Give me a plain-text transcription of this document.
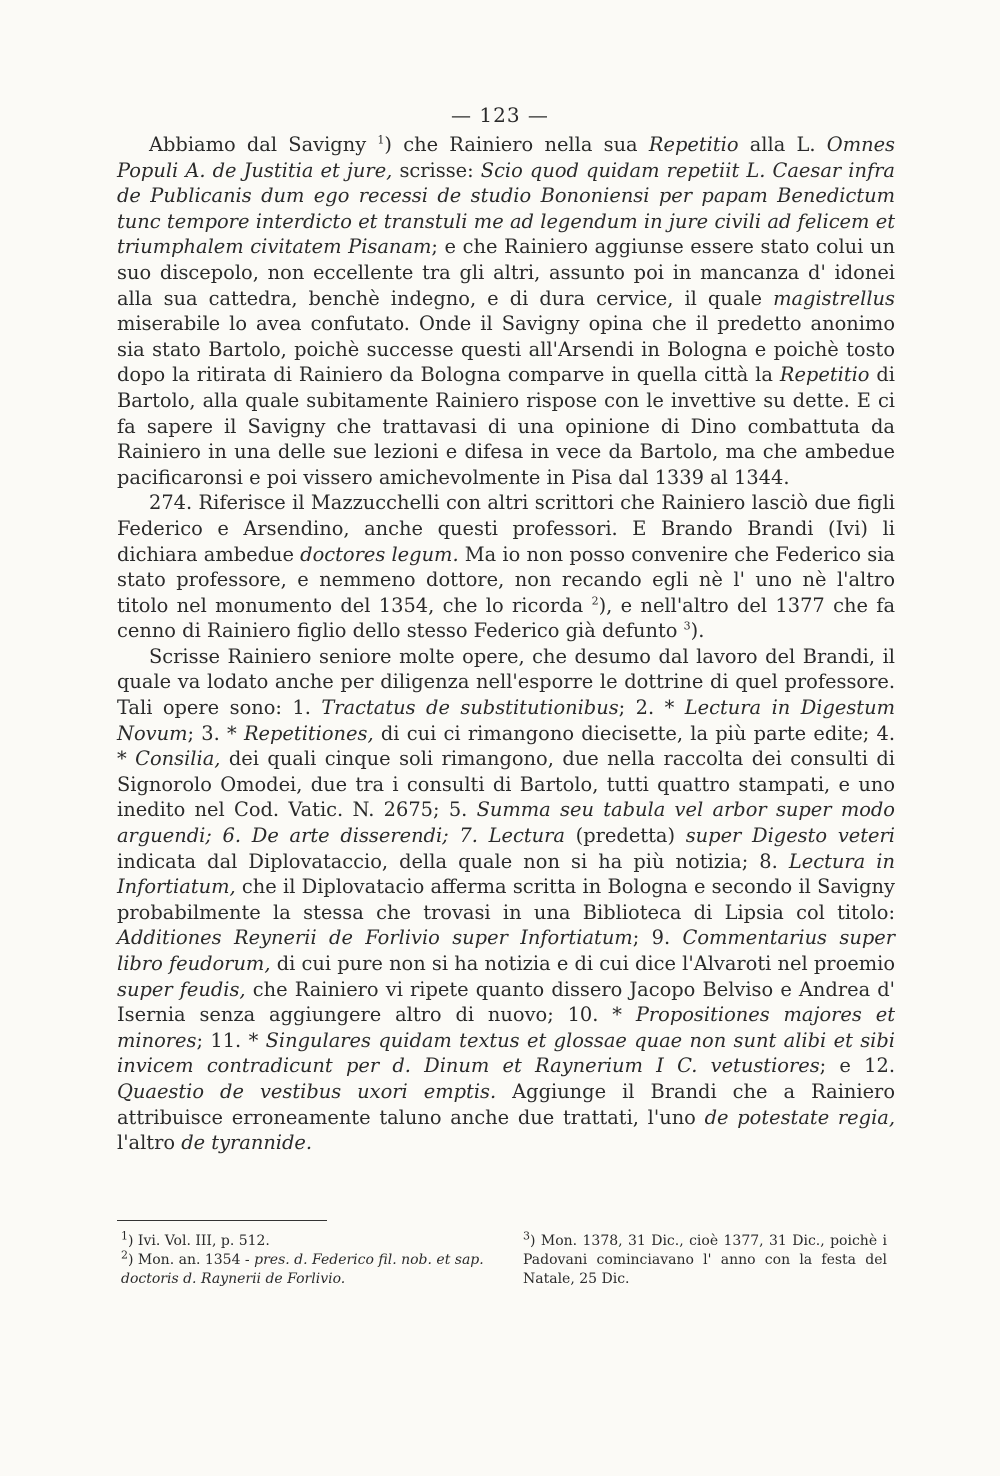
— 123 —

Abbiamo dal Savigny $^1$) che Rainiero nella sua Repetitio alla L. Omnes Populi A. de Justitia et jure, scrisse: Scio quod quidam repetiit L. Caesar infra de Publicanis dum ego recessi de studio Bononiensi per papam Benedictum tunc tempore interdicto et transtuli me ad legendum in jure civili ad felicem et triumphalem civitatem Pisanam; e che Rainiero aggiunse essere stato colui un suo discepolo, non eccellente tra gli altri, assunto poi in mancanza d' idonei alla sua cattedra, benchè indegno, e di dura cervice, il quale magistrellus miserabile lo avea confutato. Onde il Savigny opina che il predetto anonimo sia stato Bartolo, poichè successe questi all'Arsendi in Bologna e poichè tosto dopo la ritirata di Rainiero da Bologna comparve in quella città la Repetitio di Bartolo, alla quale subitamente Rainiero rispose con le invettive su dette. E ci fa sapere il Savigny che trattavasi di una opinione di Dino combattuta da Rainiero in una delle sue lezioni e difesa in vece da Bartolo, ma che ambedue pacificaronsi e poi vissero amichevolmente in Pisa dal 1339 al 1344.

274. Riferisce il Mazzucchelli con altri scrittori che Rainiero lasciò due figli Federico e Arsendino, anche questi professori. E Brando Brandi (Ivi) li dichiara ambedue doctores legum. Ma io non posso convenire che Federico sia stato professore, e nemmeno dottore, non recando egli nè l' uno nè l'altro titolo nel monumento del 1354, che lo ricorda $^2$), e nell'altro del 1377 che fa cenno di Rainiero figlio dello stesso Federico già defunto $^3$).

Scrisse Rainiero seniore molte opere, che desumo dal lavoro del Brandi, il quale va lodato anche per diligenza nell'esporre le dottrine di quel professore. Tali opere sono: 1. Tractatus de substitutionibus; 2. * Lectura in Digestum Novum; 3. * Repetitiones, di cui ci rimangono diecisette, la più parte edite; 4. * Consilia, dei quali cinque soli rimangono, due nella raccolta dei consulti di Signorolo Omodei, due tra i consulti di Bartolo, tutti quattro stampati, e uno inedito nel Cod. Vatic. N. 2675; 5. Summa seu tabula vel arbor super modo arguendi; 6. De arte disserendi; 7. Lectura (predetta) super Digesto veteri indicata dal Diplovataccio, della quale non si ha più notizia; 8. Lectura in Infortiatum, che il Diplovatacio afferma scritta in Bologna e secondo il Savigny probabilmente la stessa che trovasi in una Biblioteca di Lipsia col titolo: Additiones Reynerii de Forlivio super Infortiatum; 9. Commentarius super libro feudorum, di cui pure non si ha notizia e di cui dice l'Alvaroti nel proemio super feudis, che Rainiero vi ripete quanto dissero Jacopo Belviso e Andrea d' Isernia senza aggiungere altro di nuovo; 10. * Propositiones majores et minores; 11. * Singulares quidam textus et glossae quae non sunt alibi et sibi invicem contradicunt per d. Dinum et Raynerium I C. vetustiores; e 12. Quaestio de vestibus uxori emptis. Aggiunge il Brandi che a Rainiero attribuisce erroneamente taluno anche due trattati, l'uno de potestate regia, l'altro de tyrannide.

$^1$) Ivi. Vol. III, p. 512.
$^2$) Mon. an. 1354 - pres. d. Federico fil. nob. et sap. doctoris d. Raynerii de Forlivio.
$^3$) Mon. 1378, 31 Dic., cioè 1377, 31 Dic., poichè i Padovani cominciavano l' anno con la festa del Natale, 25 Dic.
